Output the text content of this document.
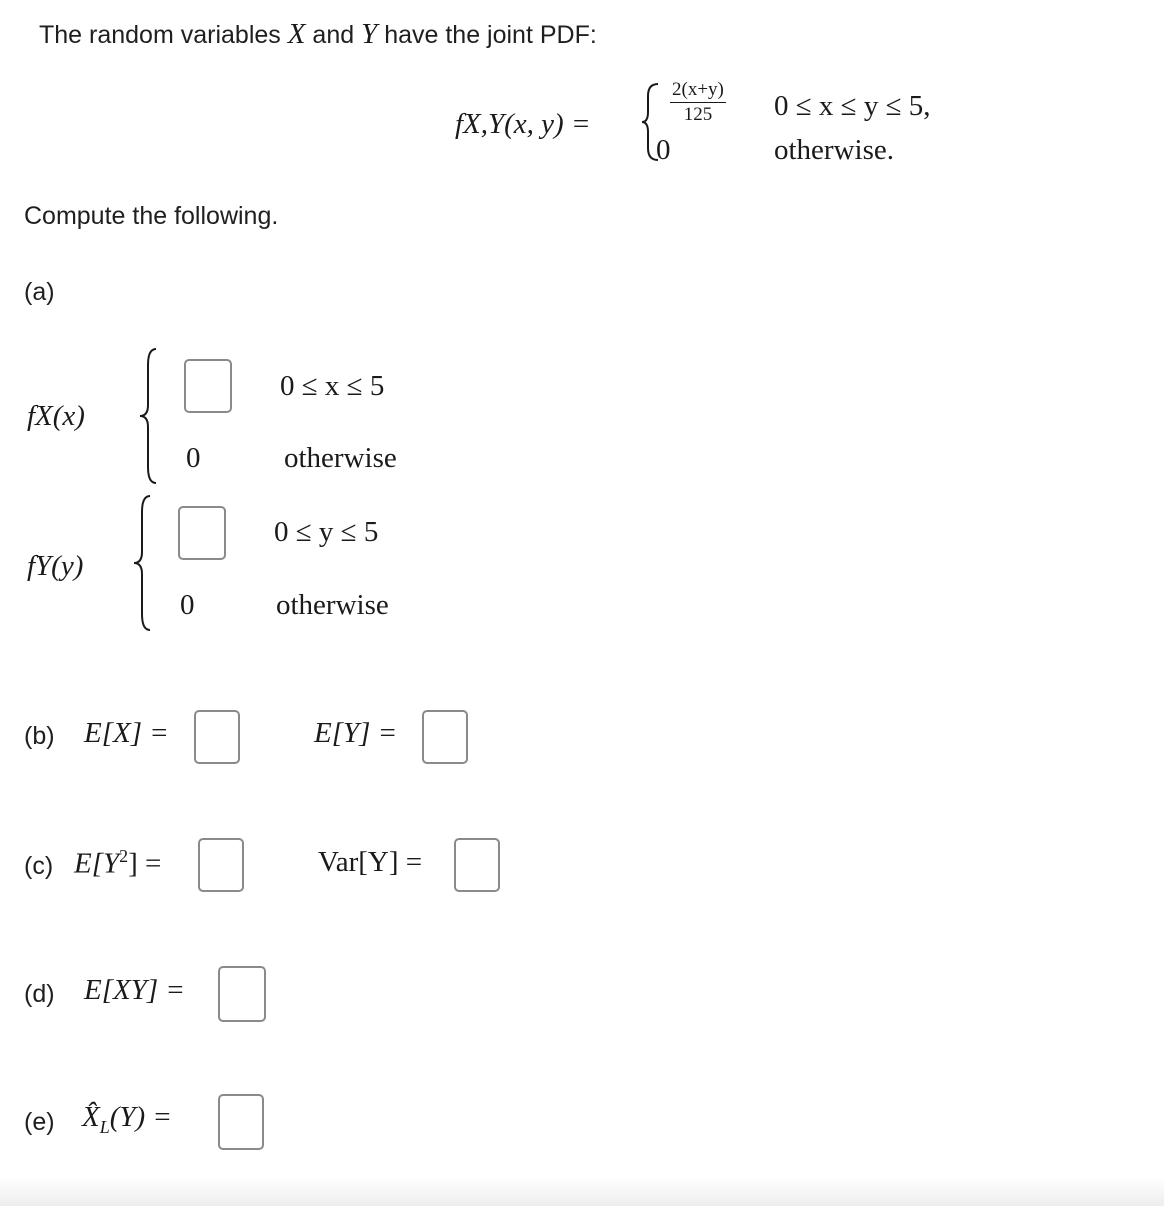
The random variables X and Y have the joint PDF:
fX,Y(x, y) =	$\frac{2(x+y)}{125} 0 \le x \le y \le 5$,
0	otherwise.
Compute the following.
(a)
fX(x)
0 ≤ x ≤ 5
0	otherwise
fY(y)
0 ≤ y ≤ 5
0	otherwise
(b) E[X] =	E[Y] =
(c) $E[Y^2]$ =	Var[Y] =
(d) E[XY] =
(e) $X̂_L(Y)$ =
